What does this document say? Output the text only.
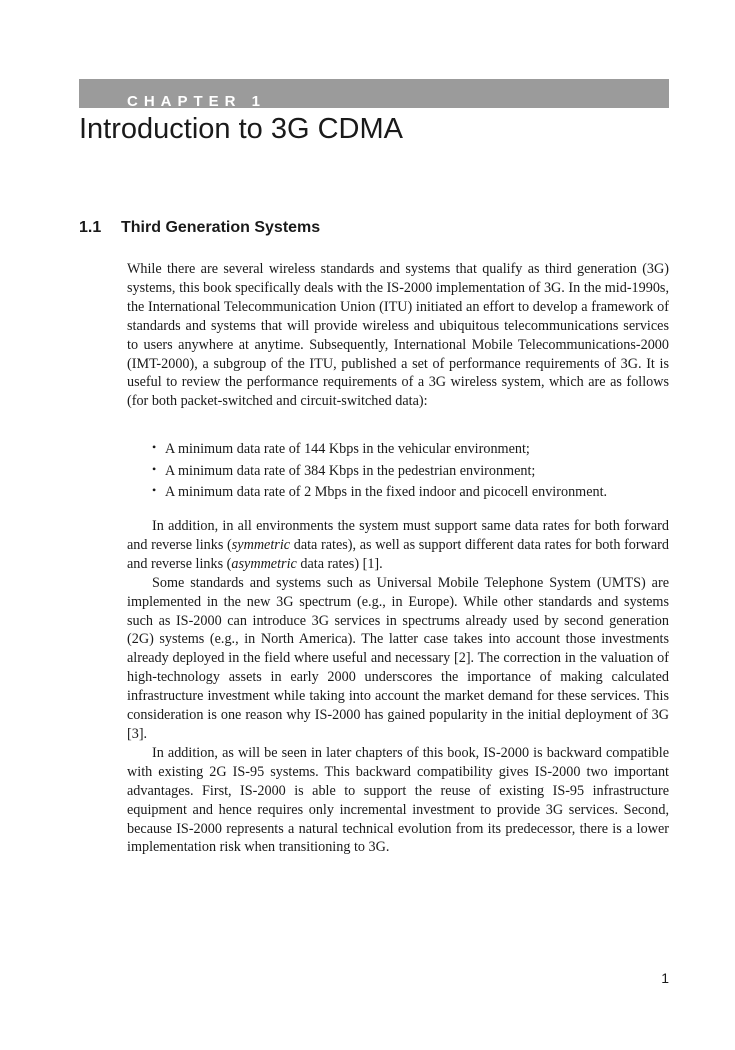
CHAPTER 1
Introduction to 3G CDMA
1.1 Third Generation Systems

While there are several wireless standards and systems that qualify as third generation (3G) systems, this book specifically deals with the IS-2000 implementation of 3G. In the mid-1990s, the International Telecommunication Union (ITU) initiated an effort to develop a framework of standards and systems that will provide wireless and ubiquitous telecommunications services to users anywhere at anytime. Subsequently, International Mobile Telecommunications-2000 (IMT-2000), a subgroup of the ITU, published a set of performance requirements of 3G. It is useful to review the performance requirements of a 3G wireless system, which are as follows (for both packet-switched and circuit-switched data):

• A minimum data rate of 144 Kbps in the vehicular environment;
• A minimum data rate of 384 Kbps in the pedestrian environment;
• A minimum data rate of 2 Mbps in the fixed indoor and picocell environment.

In addition, in all environments the system must support same data rates for both forward and reverse links (symmetric data rates), as well as support different data rates for both forward and reverse links (asymmetric data rates) [1].

Some standards and systems such as Universal Mobile Telephone System (UMTS) are implemented in the new 3G spectrum (e.g., in Europe). While other standards and systems such as IS-2000 can introduce 3G services in spectrums already used by second generation (2G) systems (e.g., in North America). The latter case takes into account those investments already deployed in the field where useful and necessary [2]. The correction in the valuation of high-technology assets in early 2000 underscores the importance of making calculated infrastructure investment while taking into account the market demand for these services. This consideration is one reason why IS-2000 has gained popularity in the initial deployment of 3G [3].

In addition, as will be seen in later chapters of this book, IS-2000 is backward compatible with existing 2G IS-95 systems. This backward compatibility gives IS-2000 two important advantages. First, IS-2000 is able to support the reuse of existing IS-95 infrastructure equipment and hence requires only incremental investment to provide 3G services. Second, because IS-2000 represents a natural technical evolution from its predecessor, there is a lower implementation risk when transitioning to 3G.

1
